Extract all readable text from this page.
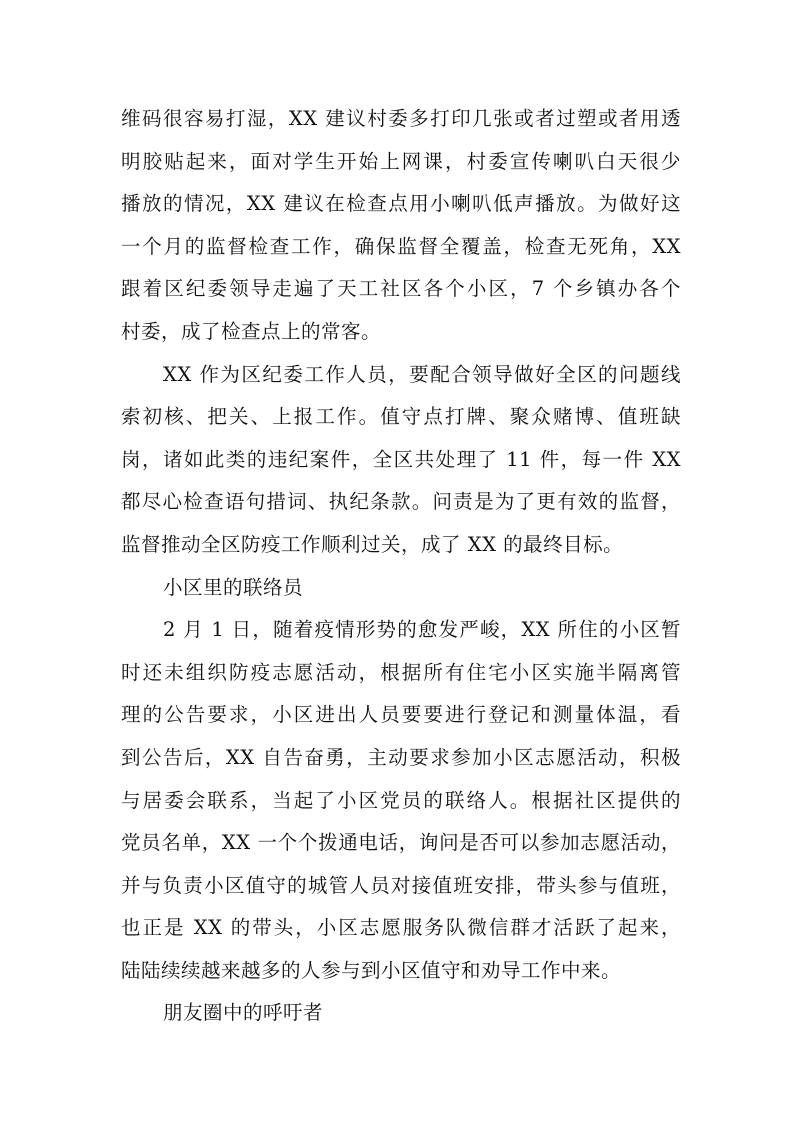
维码很容易打湿，XX 建议村委多打印几张或者过塑或者用透
明胶贴起来，面对学生开始上网课，村委宣传喇叭白天很少
播放的情况，XX 建议在检查点用小喇叭低声播放。为做好这
一个月的监督检查工作，确保监督全覆盖，检查无死角，XX
跟着区纪委领导走遍了天工社区各个小区，7 个乡镇办各个
村委，成了检查点上的常客。
XX 作为区纪委工作人员，要配合领导做好全区的问题线
索初核、把关、上报工作。值守点打牌、聚众赌博、值班缺
岗，诸如此类的违纪案件，全区共处理了 11 件，每一件 XX
都尽心检查语句措词、执纪条款。问责是为了更有效的监督，
监督推动全区防疫工作顺利过关，成了 XX 的最终目标。
小区里的联络员
2 月 1 日，随着疫情形势的愈发严峻，XX 所住的小区暂
时还未组织防疫志愿活动，根据所有住宅小区实施半隔离管
理的公告要求，小区进出人员要要进行登记和测量体温，看
到公告后，XX 自告奋勇，主动要求参加小区志愿活动，积极
与居委会联系，当起了小区党员的联络人。根据社区提供的
党员名单，XX 一个个拨通电话，询问是否可以参加志愿活动，
并与负责小区值守的城管人员对接值班安排，带头参与值班，
也正是 XX 的带头，小区志愿服务队微信群才活跃了起来，
陆陆续续越来越多的人参与到小区值守和劝导工作中来。
朋友圈中的呼吁者
